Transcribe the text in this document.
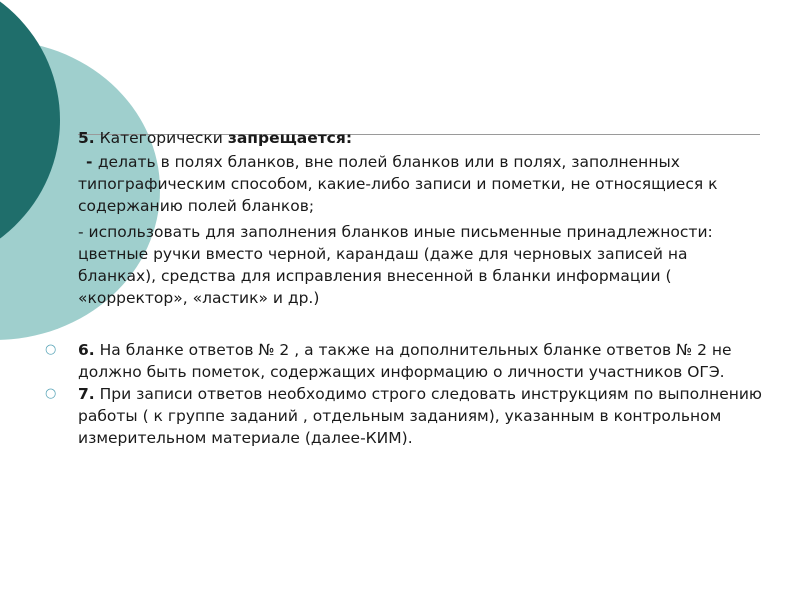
5. Категорически запрещается:

- делать в полях бланков, вне полей бланков или в полях, заполненных типографическим способом, какие-либо записи и пометки, не относящиеся к содержанию полей бланков;

- использовать для заполнения бланков иные письменные принадлежности: цветные ручки вместо черной, карандаш (даже для черновых записей на бланках), средства для исправления внесенной в бланки информации ( «корректор», «ластик» и др.)

○ 6. На бланке ответов № 2 , а также на дополнительных бланке ответов № 2 не должно быть пометок, содержащих информацию о личности участников ОГЭ.
○ 7. При записи ответов необходимо строго следовать инструкциям по выполнению работы ( к группе заданий , отдельным заданиям), указанным в контрольном измерительном материале (далее-КИМ).
